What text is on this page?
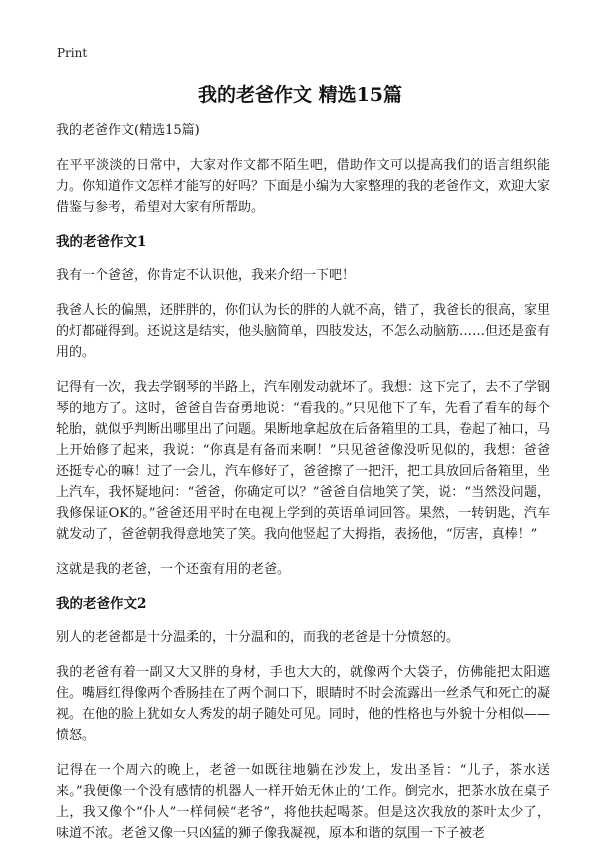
Print
我的老爸作文 精选15篇

我的老爸作文(精选15篇)

在平平淡淡的日常中，大家对作文都不陌生吧，借助作文可以提高我们的语言组织能力。你知道作文怎样才能写的好吗？下面是小编为大家整理的我的老爸作文，欢迎大家借鉴与参考，希望对大家有所帮助。

我的老爸作文1

我有一个爸爸，你肯定不认识他，我来介绍一下吧！

我爸人长的偏黑，还胖胖的，你们认为长的胖的人就不高，错了，我爸长的很高，家里的灯都碰得到。还说这是结实，他头脑简单，四肢发达，不怎么动脑筋……但还是蛮有用的。

记得有一次，我去学钢琴的半路上，汽车刚发动就坏了。我想：这下完了，去不了学钢琴的地方了。这时，爸爸自告奋勇地说：“看我的。”只见他下了车，先看了看车的每个轮胎，就似乎判断出哪里出了问题。果断地拿起放在后备箱里的工具，卷起了袖口，马上开始修了起来，我说：“你真是有备而来啊！”只见爸爸像没听见似的，我想：爸爸还挺专心的嘛！过了一会儿，汽车修好了，爸爸擦了一把汗，把工具放回后备箱里，坐上汽车，我怀疑地问：“爸爸，你确定可以？”爸爸自信地笑了笑，说：“当然没问题，我修保证OK的。”爸爸还用平时在电视上学到的英语单词回答。果然，一转钥匙，汽车就发动了，爸爸朝我得意地笑了笑。我向他竖起了大拇指，表扬他，“厉害，真棒！”

这就是我的老爸，一个还蛮有用的老爸。

我的老爸作文2

别人的老爸都是十分温柔的，十分温和的，而我的老爸是十分愤怒的。

我的老爸有着一副又大又胖的身材，手也大大的，就像两个大袋子，仿佛能把太阳遮住。嘴唇红得像两个香肠挂在了两个洞口下，眼睛时不时会流露出一丝杀气和死亡的凝视。在他的脸上犹如女人秀发的胡子随处可见。同时，他的性格也与外貌十分相似——愤怒。

记得在一个周六的晚上，老爸一如既往地躺在沙发上，发出圣旨：“儿子，茶水送来。”我便像一个没有感情的机器人一样开始无休止的‘工作。倒完水，把茶水放在桌子上，我又像个“仆人”一样伺候“老爷”，将他扶起喝茶。但是这次我放的茶叶太少了，味道不浓。老爸又像一只凶猛的狮子像我凝视，原本和谐的氛围一下子被老
